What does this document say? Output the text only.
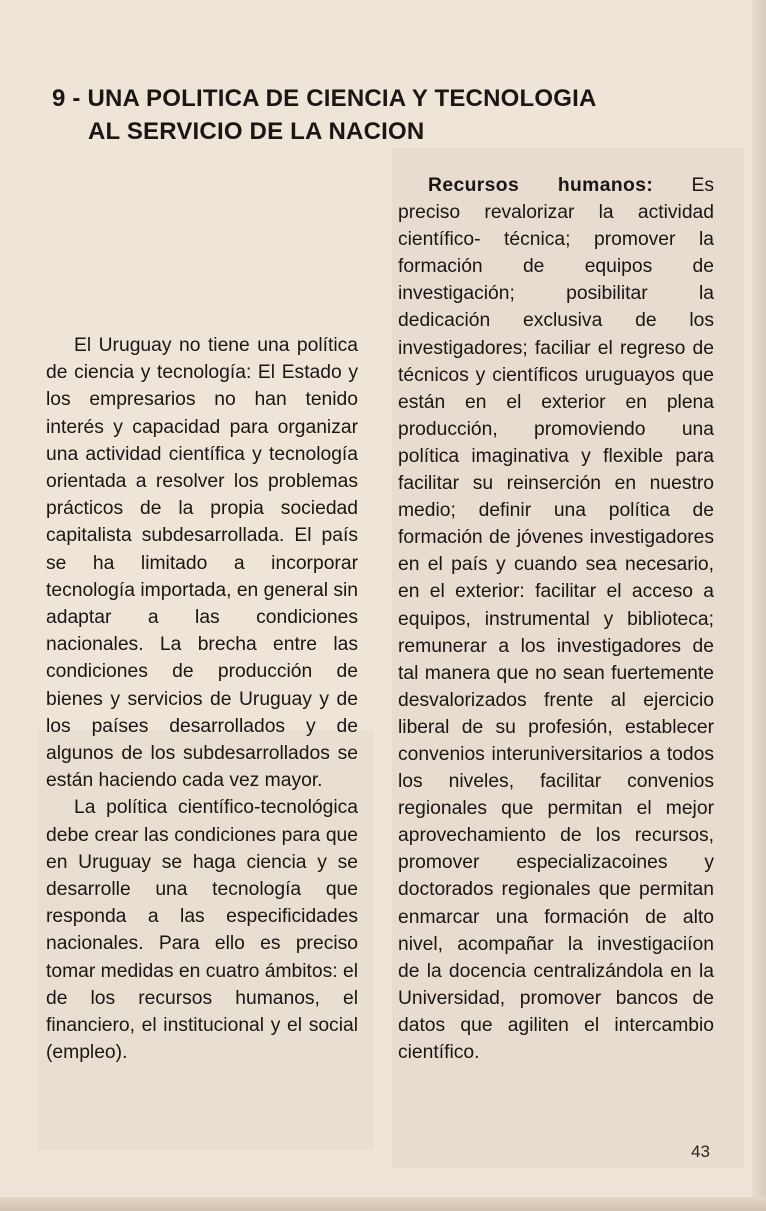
9 - UNA POLITICA DE CIENCIA Y TECNOLOGIA
AL SERVICIO DE LA NACION

El Uruguay no tiene una política de ciencia y tecnología: El Estado y los empresarios no han tenido interés y capacidad para organizar una actividad científica y tecnología orientada a resolver los problemas prácticos de la propia sociedad capitalista subdesarrollada. El país se ha limitado a incorporar tecnología importada, en general sin adaptar a las condiciones nacionales. La brecha entre las condiciones de producción de bienes y servicios de Uruguay y de los países desarrollados y de algunos de los subdesarrollados se están haciendo cada vez mayor.

La política científico-tecnológica debe crear las condiciones para que en Uruguay se haga ciencia y se desarrolle una tecnología que responda a las especificidades nacionales. Para ello es preciso tomar medidas en cuatro ámbitos: el de los recursos humanos, el financiero, el institucional y el social (empleo).

Recursos humanos: Es preciso revalorizar la actividad científico- técnica; promover la formación de equipos de investigación; posibilitar la dedicación exclusiva de los investigadores; faciliar el regreso de técnicos y científicos uruguayos que están en el exterior en plena producción, promoviendo una política imaginativa y flexible para facilitar su reinserción en nuestro medio; definir una política de formación de jóvenes investigadores en el país y cuando sea necesario, en el exterior: facilitar el acceso a equipos, instrumental y biblioteca; remunerar a los investigadores de tal manera que no sean fuertemente desvalorizados frente al ejercicio liberal de su profesión, establecer convenios interuniversitarios a todos los niveles, facilitar convenios regionales que permitan el mejor aprovechamiento de los recursos, promover especializacoines y doctorados regionales que permitan enmarcar una formación de alto nivel, acompañar la investigaciíon de la docencia centralizándola en la Universidad, promover bancos de datos que agiliten el intercambio científico.
43
